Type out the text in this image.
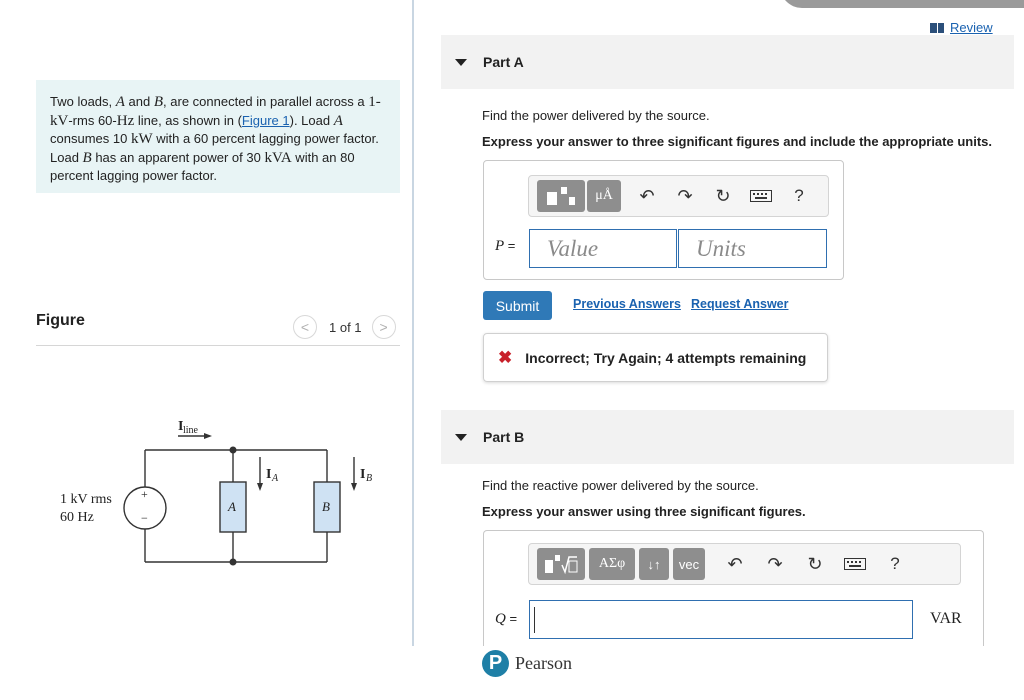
Two loads, A and B, are connected in parallel across a 1-kV-rms 60-Hz line, as shown in (Figure 1). Load A consumes 10 kW with a 60 percent lagging power factor. Load B has an apparent power of 30 kVA with an 80 percent lagging power factor.
Figure	<	1 of 1	>
+
−
A	B
1 kV rms
60 Hz
I line
I A	I B
Review
Part A
Find the power delivered by the source.
Express your answer to three significant figures and include the appropriate units.
μÅ	↶	↷	↻	?
P =	Value	Units
Submit	Previous Answers Request Answer
✖ Incorrect; Try Again; 4 attempts remaining
Part B
Find the reactive power delivered by the source.
Express your answer using three significant figures.
ΑΣφ	↓↑	vec	↶	↷	↻	?
Q =	VAR
P Pearson
